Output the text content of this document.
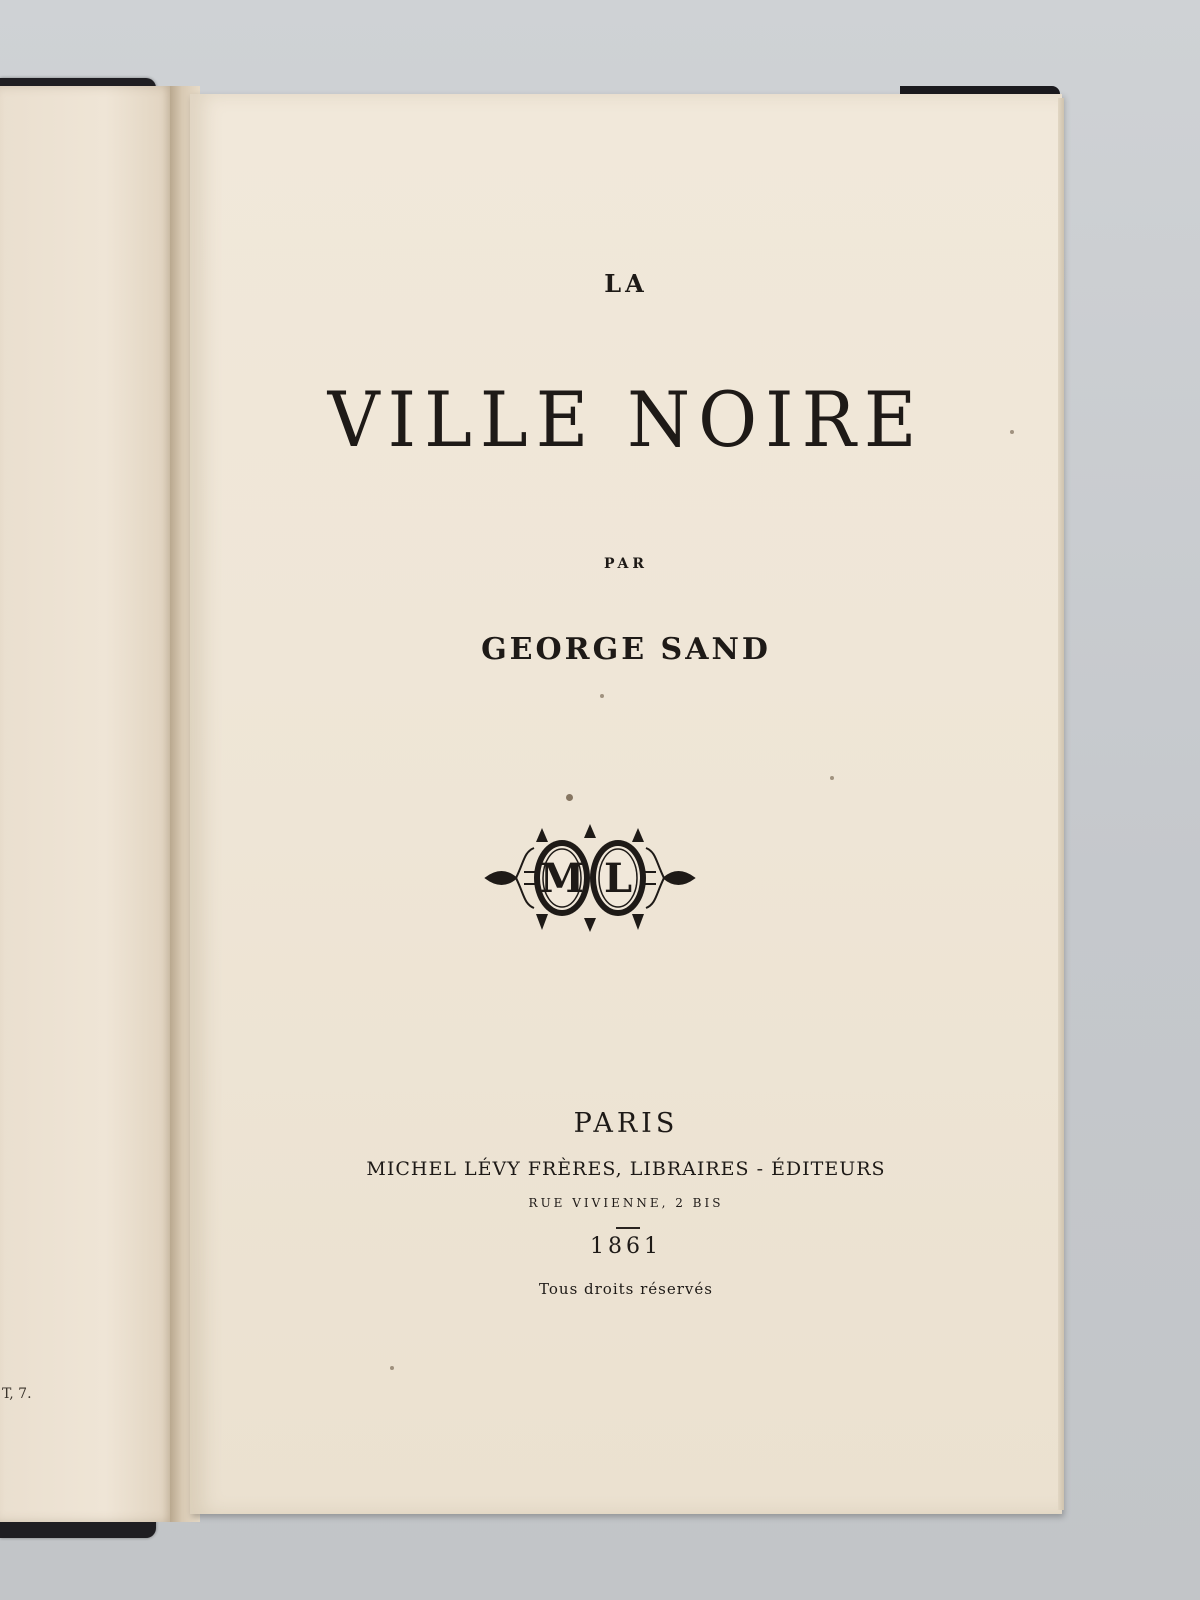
T, 7.
LA
VILLE NOIRE
PAR
GEORGE SAND
M L
PARIS
MICHEL LÉVY FRÈRES, LIBRAIRES - ÉDITEURS
RUE VIVIENNE, 2 BIS
1861
Tous droits réservés
